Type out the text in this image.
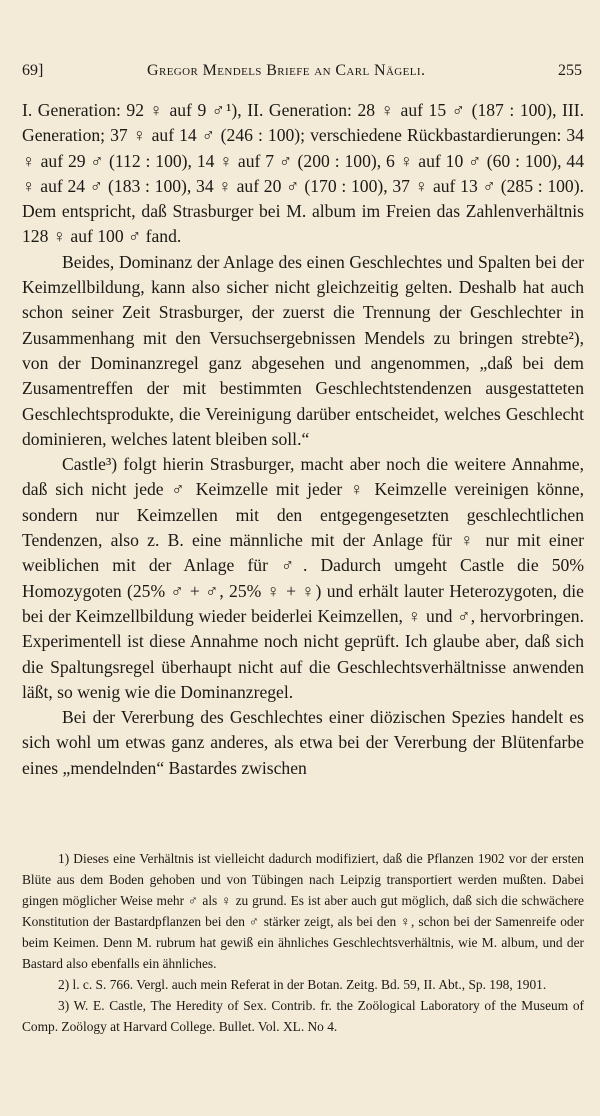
69]	Gregor Mendels Briefe an Carl Nägeli.	255

I. Generation: 92 ♀ auf 9 ♂¹), II. Generation: 28 ♀ auf 15 ♂ (187 : 100), III. Generation; 37 ♀ auf 14 ♂ (246 : 100); verschiedene Rückbastardierungen: 34 ♀ auf 29 ♂ (112 : 100), 14 ♀ auf 7 ♂ (200 : 100), 6 ♀ auf 10 ♂ (60 : 100), 44 ♀ auf 24 ♂ (183 : 100), 34 ♀ auf 20 ♂ (170 : 100), 37 ♀ auf 13 ♂ (285 : 100). Dem entspricht, daß Strasburger bei M. album im Freien das Zahlenverhältnis 128 ♀ auf 100 ♂ fand.

Beides, Dominanz der Anlage des einen Geschlechtes und Spalten bei der Keimzellbildung, kann also sicher nicht gleichzeitig gelten. Deshalb hat auch schon seiner Zeit Strasburger, der zuerst die Trennung der Geschlechter in Zusammenhang mit den Versuchsergebnissen Mendels zu bringen strebte²), von der Dominanzregel ganz abgesehen und angenommen, „daß bei dem Zusamentreffen der mit bestimmten Geschlechtstendenzen ausgestatteten Geschlechtsprodukte, die Vereinigung darüber entscheidet, welches Geschlecht dominieren, welches latent bleiben soll.“

Castle³) folgt hierin Strasburger, macht aber noch die weitere Annahme, daß sich nicht jede ♂ Keimzelle mit jeder ♀ Keimzelle vereinigen könne, sondern nur Keimzellen mit den entgegengesetzten geschlechtlichen Tendenzen, also z. B. eine männliche mit der Anlage für ♀ nur mit einer weiblichen mit der Anlage für ♂. Dadurch umgeht Castle die 50% Homozygoten (25% ♂ + ♂, 25% ♀ + ♀) und erhält lauter Heterozygoten, die bei der Keimzellbildung wieder beiderlei Keimzellen, ♀ und ♂, hervorbringen. Experimentell ist diese Annahme noch nicht geprüft. Ich glaube aber, daß sich die Spaltungsregel überhaupt nicht auf die Geschlechtsverhältnisse anwenden läßt, so wenig wie die Dominanzregel.

Bei der Vererbung des Geschlechtes einer diözischen Spezies handelt es sich wohl um etwas ganz anderes, als etwa bei der Vererbung der Blütenfarbe eines „mendelnden“ Bastardes zwischen

1) Dieses eine Verhältnis ist vielleicht dadurch modifiziert, daß die Pflanzen 1902 vor der ersten Blüte aus dem Boden gehoben und von Tübingen nach Leipzig transportiert werden mußten. Dabei gingen möglicher Weise mehr ♂ als ♀ zu grund. Es ist aber auch gut möglich, daß sich die schwächere Konstitution der Bastardpflanzen bei den ♂ stärker zeigt, als bei den ♀, schon bei der Samenreife oder beim Keimen. Denn M. rubrum hat gewiß ein ähnliches Geschlechtsverhältnis, wie M. album, und der Bastard also ebenfalls ein ähnliches.

2) l. c. S. 766. Vergl. auch mein Referat in der Botan. Zeitg. Bd. 59, II. Abt., Sp. 198, 1901.

3) W. E. Castle, The Heredity of Sex. Contrib. fr. the Zoölogical Laboratory of the Museum of Comp. Zoölogy at Harvard College. Bullet. Vol. XL. No 4.
